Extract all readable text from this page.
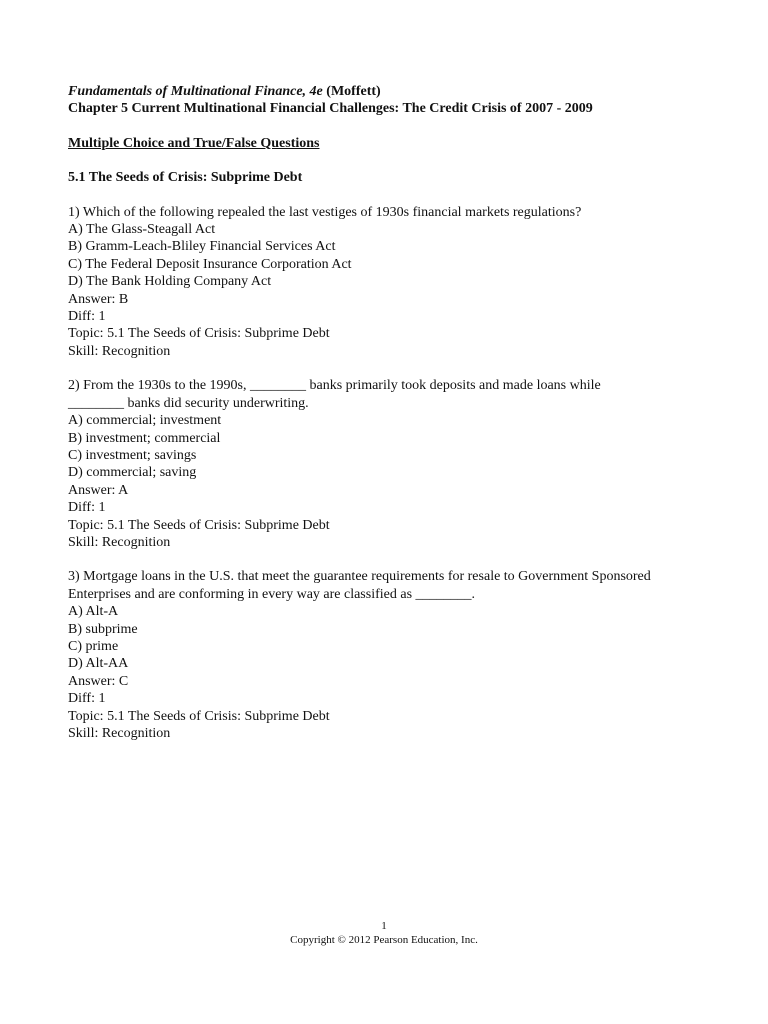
Fundamentals of Multinational Finance, 4e (Moffett)
Chapter 5 Current Multinational Financial Challenges: The Credit Crisis of 2007 - 2009
Multiple Choice and True/False Questions
5.1 The Seeds of Crisis: Subprime Debt
1) Which of the following repealed the last vestiges of 1930s financial markets regulations?
A) The Glass-Steagall Act
B) Gramm-Leach-Bliley Financial Services Act
C) The Federal Deposit Insurance Corporation Act
D) The Bank Holding Company Act
Answer: B
Diff: 1
Topic: 5.1 The Seeds of Crisis: Subprime Debt
Skill: Recognition
2) From the 1930s to the 1990s, ________ banks primarily took deposits and made loans while
________ banks did security underwriting.
A) commercial; investment
B) investment; commercial
C) investment; savings
D) commercial; saving
Answer: A
Diff: 1
Topic: 5.1 The Seeds of Crisis: Subprime Debt
Skill: Recognition
3) Mortgage loans in the U.S. that meet the guarantee requirements for resale to Government Sponsored
Enterprises and are conforming in every way are classified as ________.
A) Alt-A
B) subprime
C) prime
D) Alt-AA
Answer: C
Diff: 1
Topic: 5.1 The Seeds of Crisis: Subprime Debt
Skill: Recognition
1
Copyright © 2012 Pearson Education, Inc.
